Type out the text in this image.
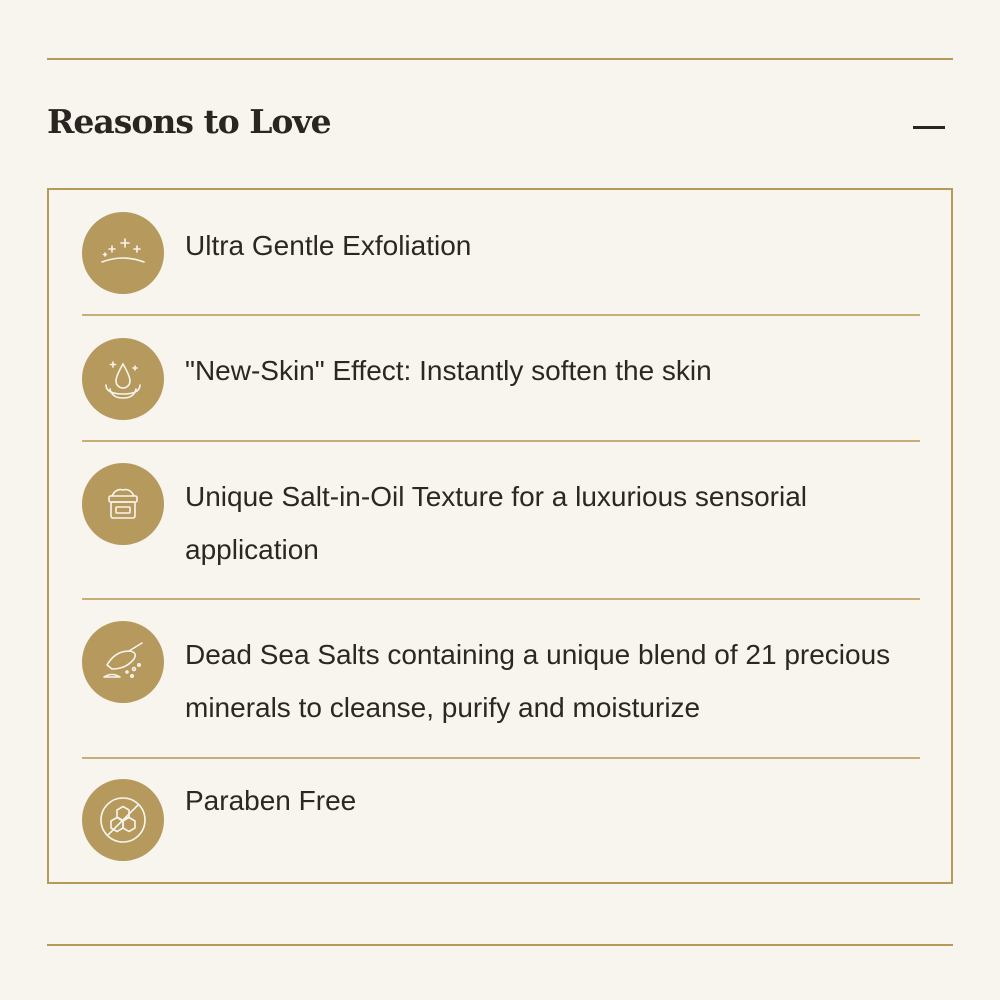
Reasons to Love
Ultra Gentle Exfoliation
"New-Skin" Effect: Instantly soften the skin
Unique Salt-in-Oil Texture for a luxurious sensorial application
Dead Sea Salts containing a unique blend of 21 precious minerals to cleanse, purify and moisturize
Paraben Free
